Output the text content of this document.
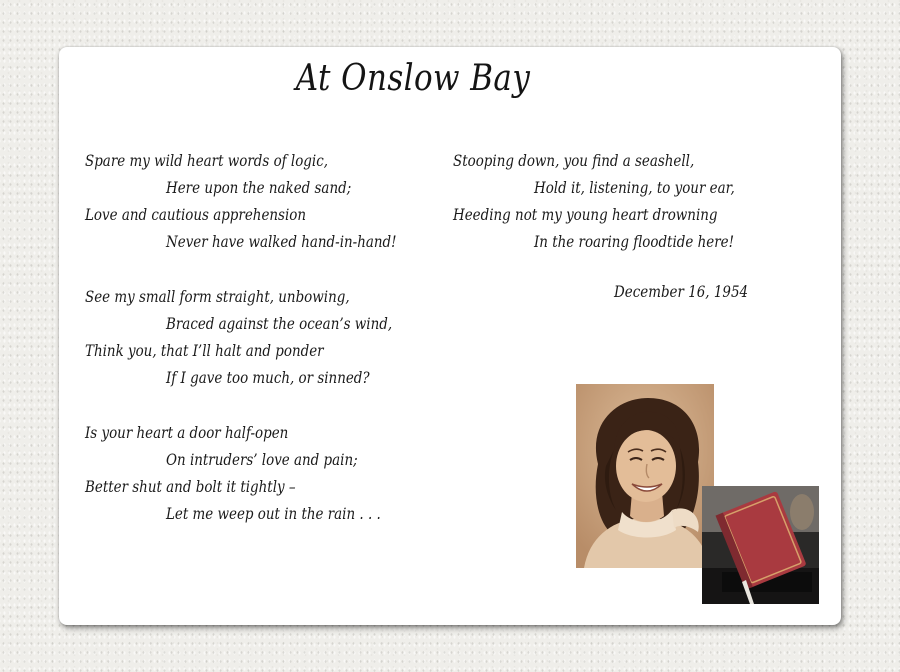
At Onslow Bay
Spare my wild heart words of logic,
Here upon the naked sand;
Love and cautious apprehension
Never have walked hand-in-hand!
See my small form straight, unbowing,
Braced against the ocean’s wind,
Think you, that I’ll halt and ponder
If I gave too much, or sinned?
Is your heart a door half-open
On intruders’ love and pain;
Better shut and bolt it tightly –
Let me weep out in the rain . . .
Stooping down, you find a seashell,
Hold it, listening, to your ear,
Heeding not my young heart drowning
In the roaring floodtide here!
December 16, 1954
